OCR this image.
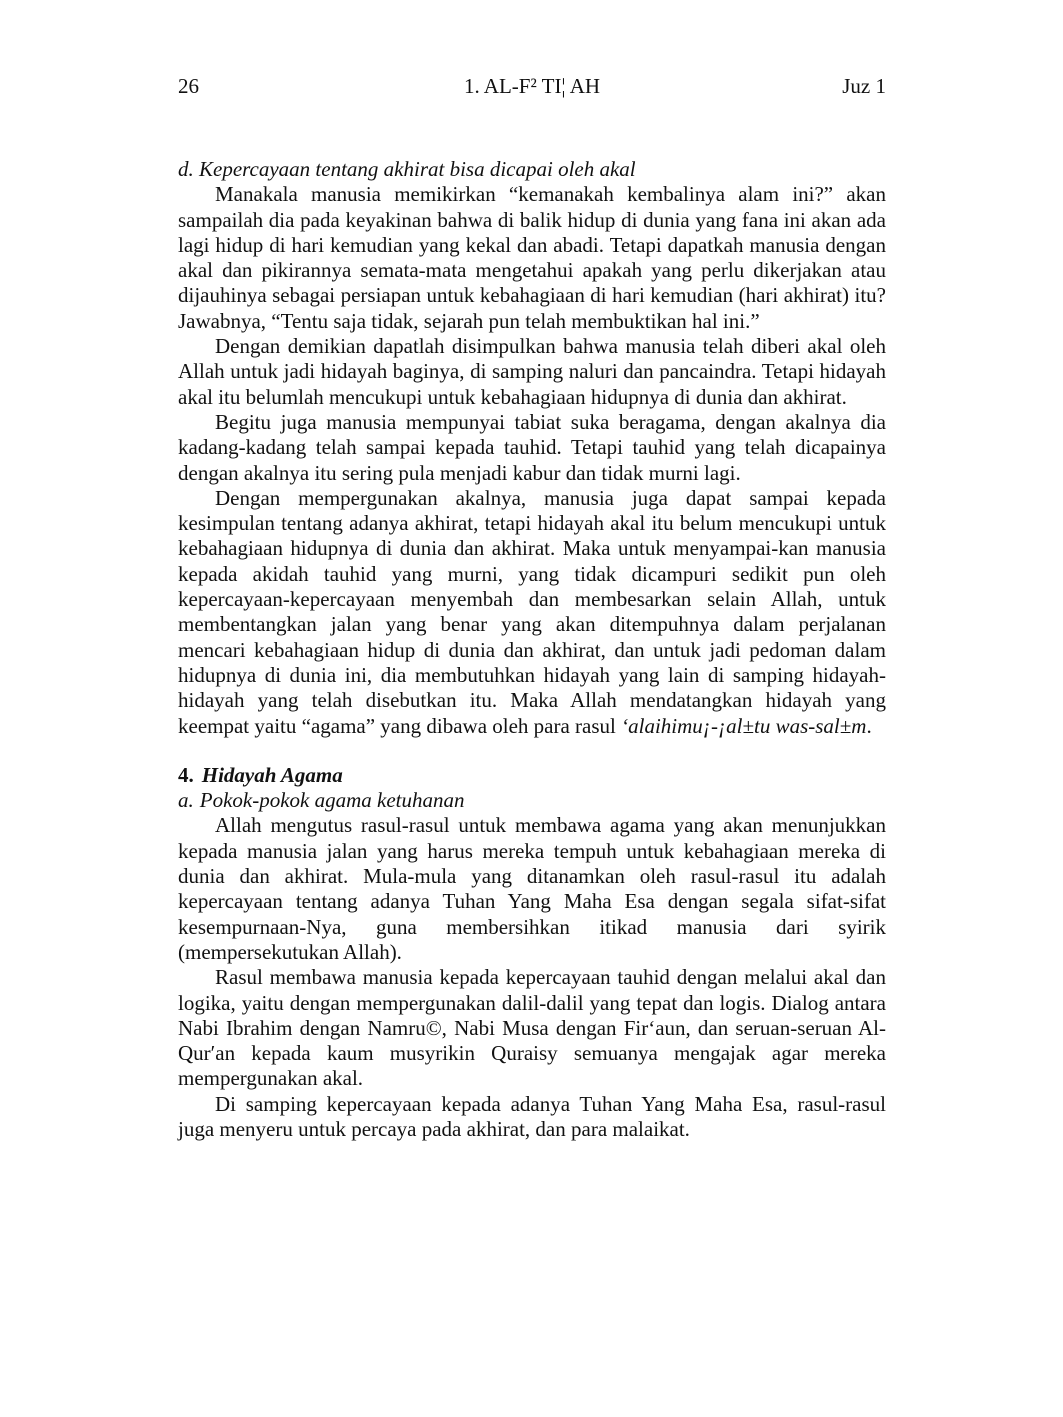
26	1. AL-F² TI¦ AH	Juz 1
d. Kepercayaan tentang akhirat bisa dicapai oleh akal

Manakala manusia memikirkan “kemanakah kembalinya alam ini?” akan sampailah dia pada keyakinan bahwa di balik hidup di dunia yang fana ini akan ada lagi hidup di hari kemudian yang kekal dan abadi. Tetapi dapatkah manusia dengan akal dan pikirannya semata-mata mengetahui apakah yang perlu dikerjakan atau dijauhinya sebagai persiapan untuk kebahagiaan di hari kemudian (hari akhirat) itu? Jawabnya, “Tentu saja tidak, sejarah pun telah membuktikan hal ini.”

Dengan demikian dapatlah disimpulkan bahwa manusia telah diberi akal oleh Allah untuk jadi hidayah baginya, di samping naluri dan pancaindra. Tetapi hidayah akal itu belumlah mencukupi untuk kebahagiaan hidupnya di dunia dan akhirat.

Begitu juga manusia mempunyai tabiat suka beragama, dengan akalnya dia kadang-kadang telah sampai kepada tauhid. Tetapi tauhid yang telah dicapainya dengan akalnya itu sering pula menjadi kabur dan tidak murni lagi.

Dengan mempergunakan akalnya, manusia juga dapat sampai kepada kesimpulan tentang adanya akhirat, tetapi hidayah akal itu belum mencukupi untuk kebahagiaan hidupnya di dunia dan akhirat. Maka untuk menyampai-kan manusia kepada akidah tauhid yang murni, yang tidak dicampuri sedikit pun oleh kepercayaan-kepercayaan menyembah dan membesarkan selain Allah, untuk membentangkan jalan yang benar yang akan ditempuhnya dalam perjalanan mencari kebahagiaan hidup di dunia dan akhirat, dan untuk jadi pedoman dalam hidupnya di dunia ini, dia membutuhkan hidayah yang lain di samping hidayah-hidayah yang telah disebutkan itu. Maka Allah mendatangkan hidayah yang keempat yaitu “agama” yang dibawa oleh para rasul ‘alaihimu¡-¡al±tu was-sal±m.

4. Hidayah Agama
a. Pokok-pokok agama ketuhanan

Allah mengutus rasul-rasul untuk membawa agama yang akan menunjukkan kepada manusia jalan yang harus mereka tempuh untuk kebahagiaan mereka di dunia dan akhirat. Mula-mula yang ditanamkan oleh rasul-rasul itu adalah kepercayaan tentang adanya Tuhan Yang Maha Esa dengan segala sifat-sifat kesempurnaan-Nya, guna membersihkan itikad manusia dari syirik (mempersekutukan Allah).

Rasul membawa manusia kepada kepercayaan tauhid dengan melalui akal dan logika, yaitu dengan mempergunakan dalil-dalil yang tepat dan logis. Dialog antara Nabi Ibrahim dengan Namru©, Nabi Musa dengan Fir‘aun, dan seruan-seruan Al-Qur′an kepada kaum musyrikin Quraisy semuanya mengajak agar mereka mempergunakan akal.

Di samping kepercayaan kepada adanya Tuhan Yang Maha Esa, rasul-rasul juga menyeru untuk percaya pada akhirat, dan para malaikat.
